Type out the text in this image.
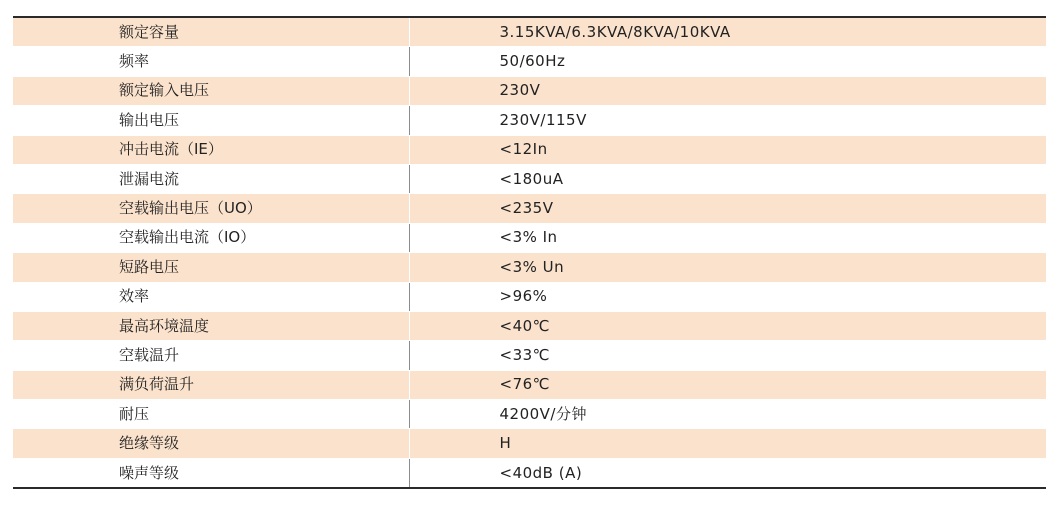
额定容量	3.15KVA/6.3KVA/8KVA/10KVA
频率	50/60Hz
额定输入电压	230V
输出电压	230V/115V
冲击电流（IE）	<12In
泄漏电流	<180uA
空载输出电压（UO）	<235V
空载输出电流（IO）	<3% In
短路电压	<3% Un
效率	>96%
最高环境温度	<40℃
空载温升	<33℃
满负荷温升	<76℃
耐压	4200V/分钟
绝缘等级	H
噪声等级	<40dB (A)
